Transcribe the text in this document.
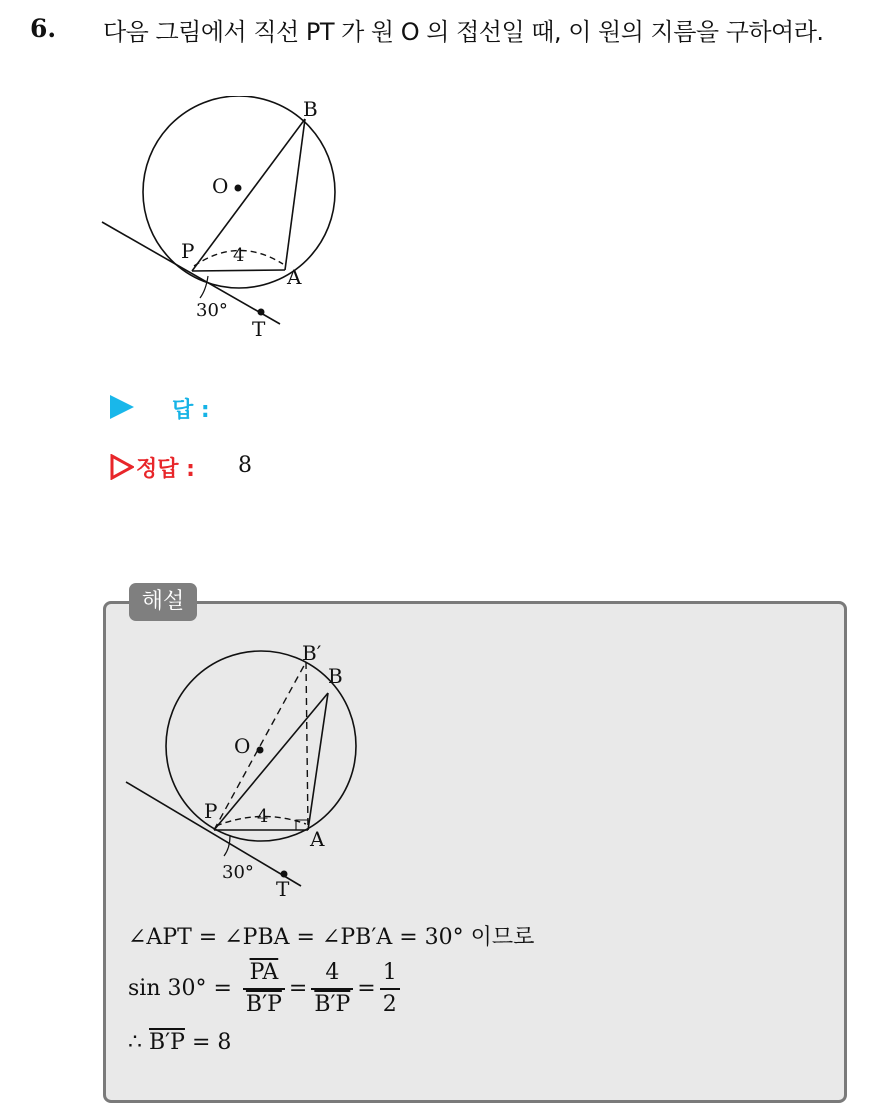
6. 다음 그림에서 직선 PT 가 원 O 의 접선일 때, 이 원의 지름을 구하여라.
B
O
P
A
T
4
30°
답 :
정답 : 8
해설
B′
B
O
P
A
T
4
30°
∠APT = ∠PBA = ∠PB′A = 30° 이므로
$\sin 30^\circ = \frac{\overline{PA}}{B'P} = \frac{4}{B'P} = \frac{1}{2}$
∴ B′P = 8
